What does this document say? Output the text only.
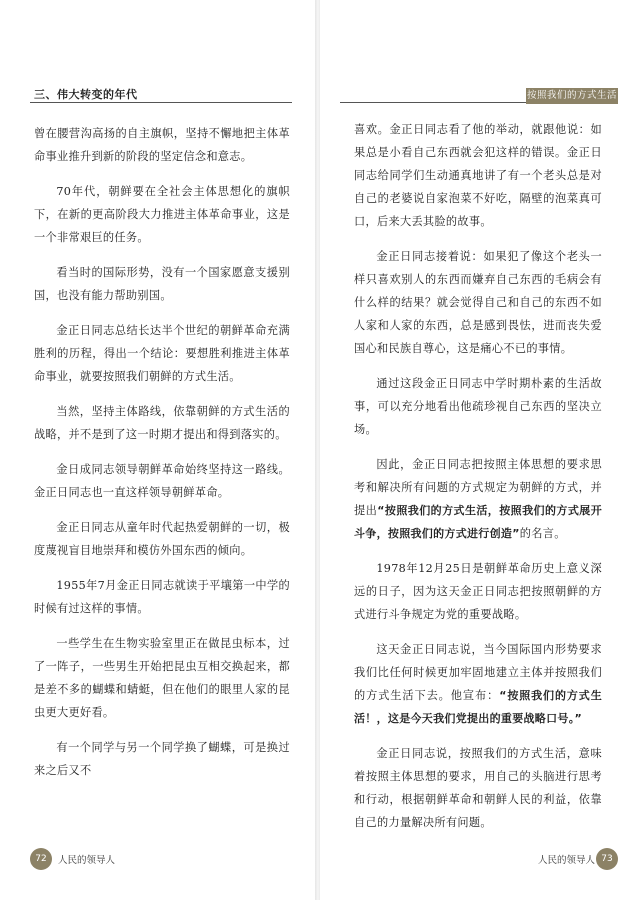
三、伟大转变的年代

曾在腰营沟高扬的自主旗帜，坚持不懈地把主体革命事业推升到新的阶段的坚定信念和意志。

70年代，朝鲜要在全社会主体思想化的旗帜下，在新的更高阶段大力推进主体革命事业，这是一个非常艰巨的任务。

看当时的国际形势，没有一个国家愿意支援别国，也没有能力帮助别国。

金正日同志总结长达半个世纪的朝鲜革命充满胜利的历程，得出一个结论：要想胜利推进主体革命事业，就要按照我们朝鲜的方式生活。

当然，坚持主体路线，依靠朝鲜的方式生活的战略，并不是到了这一时期才提出和得到落实的。

金日成同志领导朝鲜革命始终坚持这一路线。金正日同志也一直这样领导朝鲜革命。

金正日同志从童年时代起热爱朝鲜的一切，极度蔑视盲目地崇拜和模仿外国东西的倾向。

1955年7月金正日同志就读于平壤第一中学的时候有过这样的事情。

一些学生在生物实验室里正在做昆虫标本，过了一阵子，一些男生开始把昆虫互相交换起来，都是差不多的蝴蝶和蜻蜓，但在他们的眼里人家的昆虫更大更好看。

有一个同学与另一个同学换了蝴蝶，可是换过来之后又不

72	人民的领导人
按照我们的方式生活

喜欢。金正日同志看了他的举动，就跟他说：如果总是小看自己东西就会犯这样的错误。金正日同志给同学们生动通真地讲了有一个老头总是对自己的老婆说自家泡菜不好吃，隔壁的泡菜真可口，后来大丢其脸的故事。

金正日同志接着说：如果犯了像这个老头一样只喜欢别人的东西而嫌弃自己东西的毛病会有什么样的结果？就会觉得自己和自己的东西不如人家和人家的东西，总是感到畏怯，进而丧失爱国心和民族自尊心，这是痛心不已的事情。

通过这段金正日同志中学时期朴素的生活故事，可以充分地看出他疏珍视自己东西的坚决立场。

因此，金正日同志把按照主体思想的要求思考和解决所有问题的方式规定为朝鲜的方式，并提出“按照我们的方式生活，按照我们的方式展开斗争，按照我们的方式进行创造”的名言。

1978年12月25日是朝鲜革命历史上意义深远的日子，因为这天金正日同志把按照朝鲜的方式进行斗争规定为党的重要战略。

这天金正日同志说，当今国际国内形势要求我们比任何时候更加牢固地建立主体并按照我们的方式生活下去。他宣布：“按照我们的方式生活！，这是今天我们党提出的重要战略口号。”

金正日同志说，按照我们的方式生活，意味着按照主体思想的要求，用自己的头脑进行思考和行动，根据朝鲜革命和朝鲜人民的利益，依靠自己的力量解决所有问题。

人民的领导人 73
